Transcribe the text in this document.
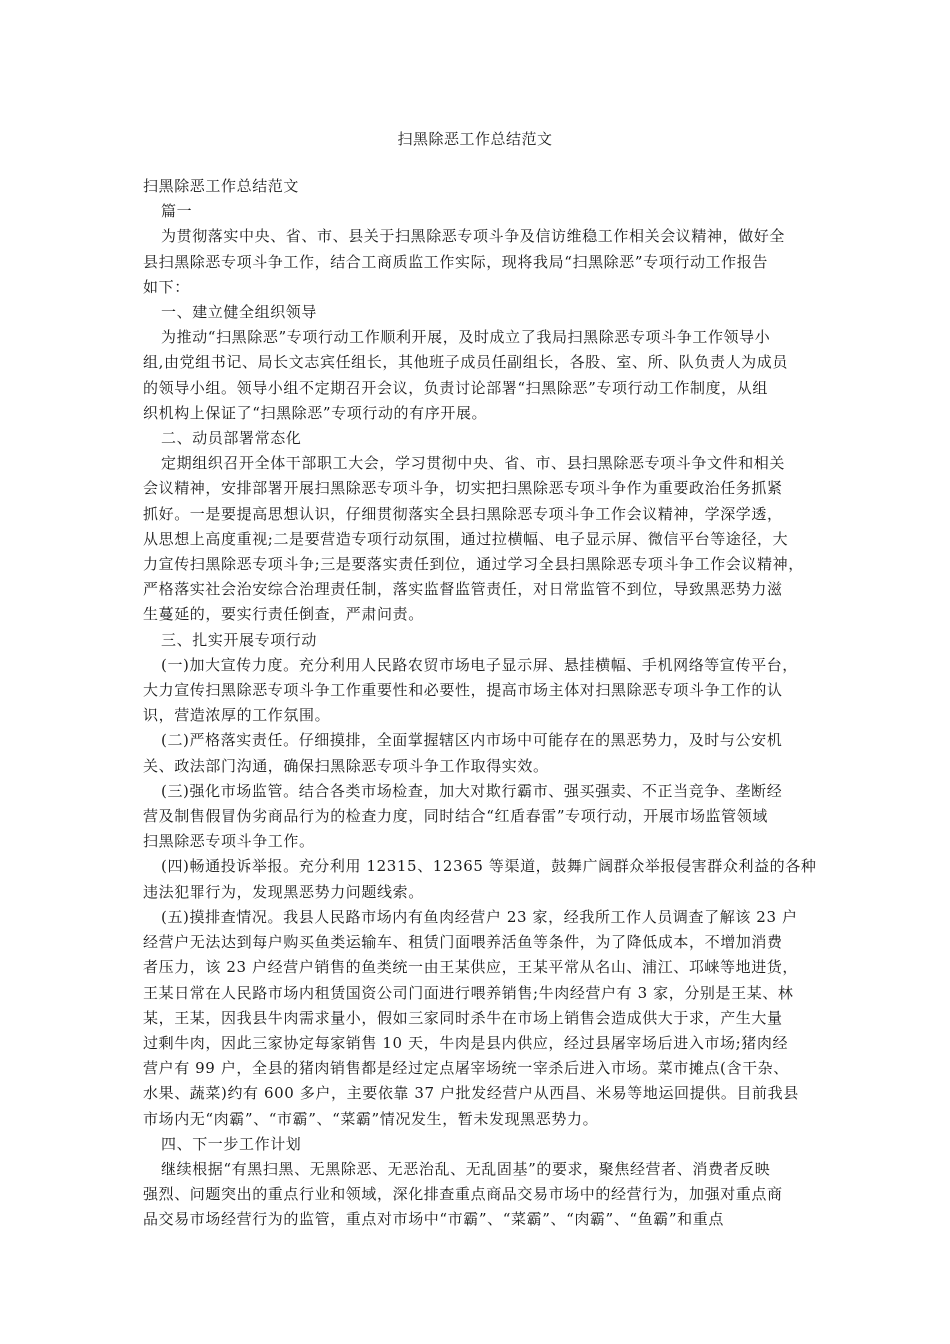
扫黑除恶工作总结范文

扫黑除恶工作总结范文

篇一

为贯彻落实中央、省、市、县关于扫黑除恶专项斗争及信访维稳工作相关会议精神，做好全

县扫黑除恶专项斗争工作，结合工商质监工作实际，现将我局“扫黑除恶”专项行动工作报告

如下：

一、建立健全组织领导

为推动“扫黑除恶”专项行动工作顺利开展，及时成立了我局扫黑除恶专项斗争工作领导小

组,由党组书记、局长文志宾任组长，其他班子成员任副组长，各股、室、所、队负责人为成员

的领导小组。领导小组不定期召开会议，负责讨论部署“扫黑除恶”专项行动工作制度，从组

织机构上保证了“扫黑除恶”专项行动的有序开展。

二、动员部署常态化

定期组织召开全体干部职工大会，学习贯彻中央、省、市、县扫黑除恶专项斗争文件和相关

会议精神，安排部署开展扫黑除恶专项斗争，切实把扫黑除恶专项斗争作为重要政治任务抓紧

抓好。一是要提高思想认识，仔细贯彻落实全县扫黑除恶专项斗争工作会议精神，学深学透，

从思想上高度重视;二是要营造专项行动氛围，通过拉横幅、电子显示屏、微信平台等途径，大

力宣传扫黑除恶专项斗争;三是要落实责任到位，通过学习全县扫黑除恶专项斗争工作会议精神，

严格落实社会治安综合治理责任制，落实监督监管责任，对日常监管不到位，导致黑恶势力滋

生蔓延的，要实行责任倒查，严肃问责。

三、扎实开展专项行动

(一)加大宣传力度。充分利用人民路农贸市场电子显示屏、悬挂横幅、手机网络等宣传平台，

大力宣传扫黑除恶专项斗争工作重要性和必要性，提高市场主体对扫黑除恶专项斗争工作的认

识，营造浓厚的工作氛围。

(二)严格落实责任。仔细摸排，全面掌握辖区内市场中可能存在的黑恶势力，及时与公安机

关、政法部门沟通，确保扫黑除恶专项斗争工作取得实效。

(三)强化市场监管。结合各类市场检查，加大对欺行霸市、强买强卖、不正当竞争、垄断经

营及制售假冒伪劣商品行为的检查力度，同时结合“红盾春雷”专项行动，开展市场监管领域

扫黑除恶专项斗争工作。

(四)畅通投诉举报。充分利用 12315、12365 等渠道，鼓舞广阔群众举报侵害群众利益的各种

违法犯罪行为，发现黑恶势力问题线索。

(五)摸排查情况。我县人民路市场内有鱼肉经营户 23 家，经我所工作人员调查了解该 23 户

经营户无法达到每户购买鱼类运输车、租赁门面喂养活鱼等条件，为了降低成本，不增加消费

者压力，该 23 户经营户销售的鱼类统一由王某供应，王某平常从名山、浦江、邛崃等地进货，

王某日常在人民路市场内租赁国资公司门面进行喂养销售;牛肉经营户有 3 家，分别是王某、林

某，王某，因我县牛肉需求量小，假如三家同时杀牛在市场上销售会造成供大于求，产生大量

过剩牛肉，因此三家协定每家销售 10 天，牛肉是县内供应，经过县屠宰场后进入市场;猪肉经

营户有 99 户，全县的猪肉销售都是经过定点屠宰场统一宰杀后进入市场。菜市摊点(含干杂、

水果、蔬菜)约有 600 多户，主要依靠 37 户批发经营户从西昌、米易等地运回提供。目前我县

市场内无“肉霸”、“市霸”、“菜霸”情况发生，暂未发现黑恶势力。

四、下一步工作计划

继续根据“有黑扫黑、无黑除恶、无恶治乱、无乱固基”的要求，聚焦经营者、消费者反映

强烈、问题突出的重点行业和领域，深化排查重点商品交易市场中的经营行为，加强对重点商

品交易市场经营行为的监管，重点对市场中“市霸”、“菜霸”、“肉霸”、“鱼霸”和重点
